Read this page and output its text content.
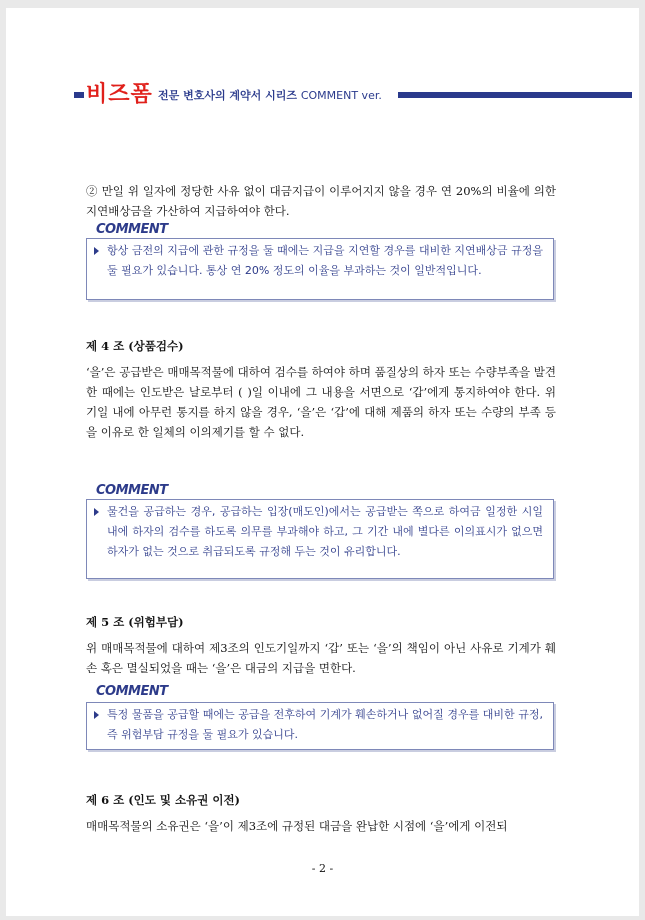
비즈폼 전문 변호사의 계약서 시리즈 COMMENT ver.
② 만일 위 일자에 정당한 사유 없이 대금지급이 이루어지지 않을 경우 연 20%의 비율에 의한 지연배상금을 가산하여 지급하여야 한다.
COMMENT
항상 금전의 지급에 관한 규정을 둘 때에는 지급을 지연할 경우를 대비한 지연배상금 규정을 둘 필요가 있습니다. 통상 연 20% 정도의 이율을 부과하는 것이 일반적입니다.
제 4 조 (상품검수)
‘을’은 공급받은 매매목적물에 대하여 검수를 하여야 하며 품질상의 하자 또는 수량부족을 발견한 때에는 인도받은 날로부터 ( )일 이내에 그 내용을 서면으로 ‘갑’에게 통지하여야 한다. 위 기일 내에 아무런 통지를 하지 않을 경우, ‘을’은 ‘갑’에 대해 제품의 하자 또는 수량의 부족 등을 이유로 한 일체의 이의제기를 할 수 없다.
COMMENT
물건을 공급하는 경우, 공급하는 입장(매도인)에서는 공급받는 쪽으로 하여금 일정한 시일 내에 하자의 검수를 하도록 의무를 부과해야 하고, 그 기간 내에 별다른 이의표시가 없으면 하자가 없는 것으로 취급되도록 규정해 두는 것이 유리합니다.
제 5 조 (위험부담)
위 매매목적물에 대하여 제3조의 인도기일까지 ‘갑’ 또는 ‘을’의 책임이 아닌 사유로 기계가 훼손 혹은 멸실되었을 때는 ‘을’은 대금의 지급을 면한다.
COMMENT
특정 물품을 공급할 때에는 공급을 전후하여 기계가 훼손하거나 없어질 경우를 대비한 규정, 즉 위험부담 규정을 둘 필요가 있습니다.
제 6 조 (인도 및 소유권 이전)
매매목적물의 소유권은 ‘을’이 제3조에 규정된 대금을 완납한 시점에 ‘을’에게 이전되
- 2 -
